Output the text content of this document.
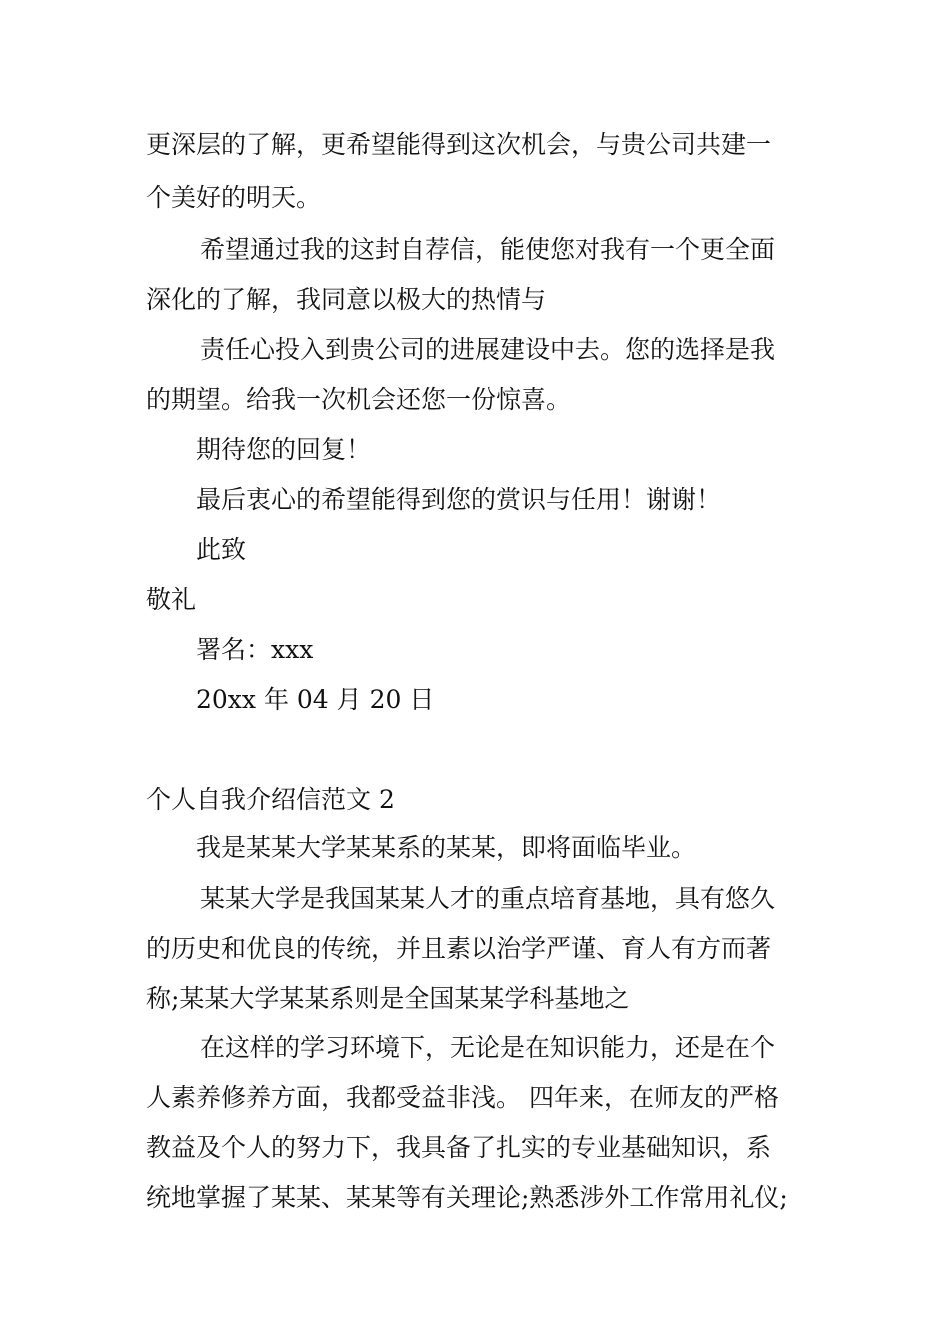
更深层的了解，更希望能得到这次机会，与贵公司共建一
个美好的明天。
希望通过我的这封自荐信，能使您对我有一个更全面
深化的了解，我同意以极大的热情与
责任心投入到贵公司的进展建设中去。您的选择是我
的期望。给我一次机会还您一份惊喜。
期待您的回复！
最后衷心的希望能得到您的赏识与任用！谢谢！
此致
敬礼
署名：xxx
20xx 年 04 月 20 日
个人自我介绍信范文 2
我是某某大学某某系的某某，即将面临毕业。
某某大学是我国某某人才的重点培育基地，具有悠久
的历史和优良的传统，并且素以治学严谨、育人有方而著
称;某某大学某某系则是全国某某学科基地之
在这样的学习环境下，无论是在知识能力，还是在个
人素养修养方面，我都受益非浅。 四年来，在师友的严格
教益及个人的努力下，我具备了扎实的专业基础知识，系
统地掌握了某某、某某等有关理论;熟悉涉外工作常用礼仪;
